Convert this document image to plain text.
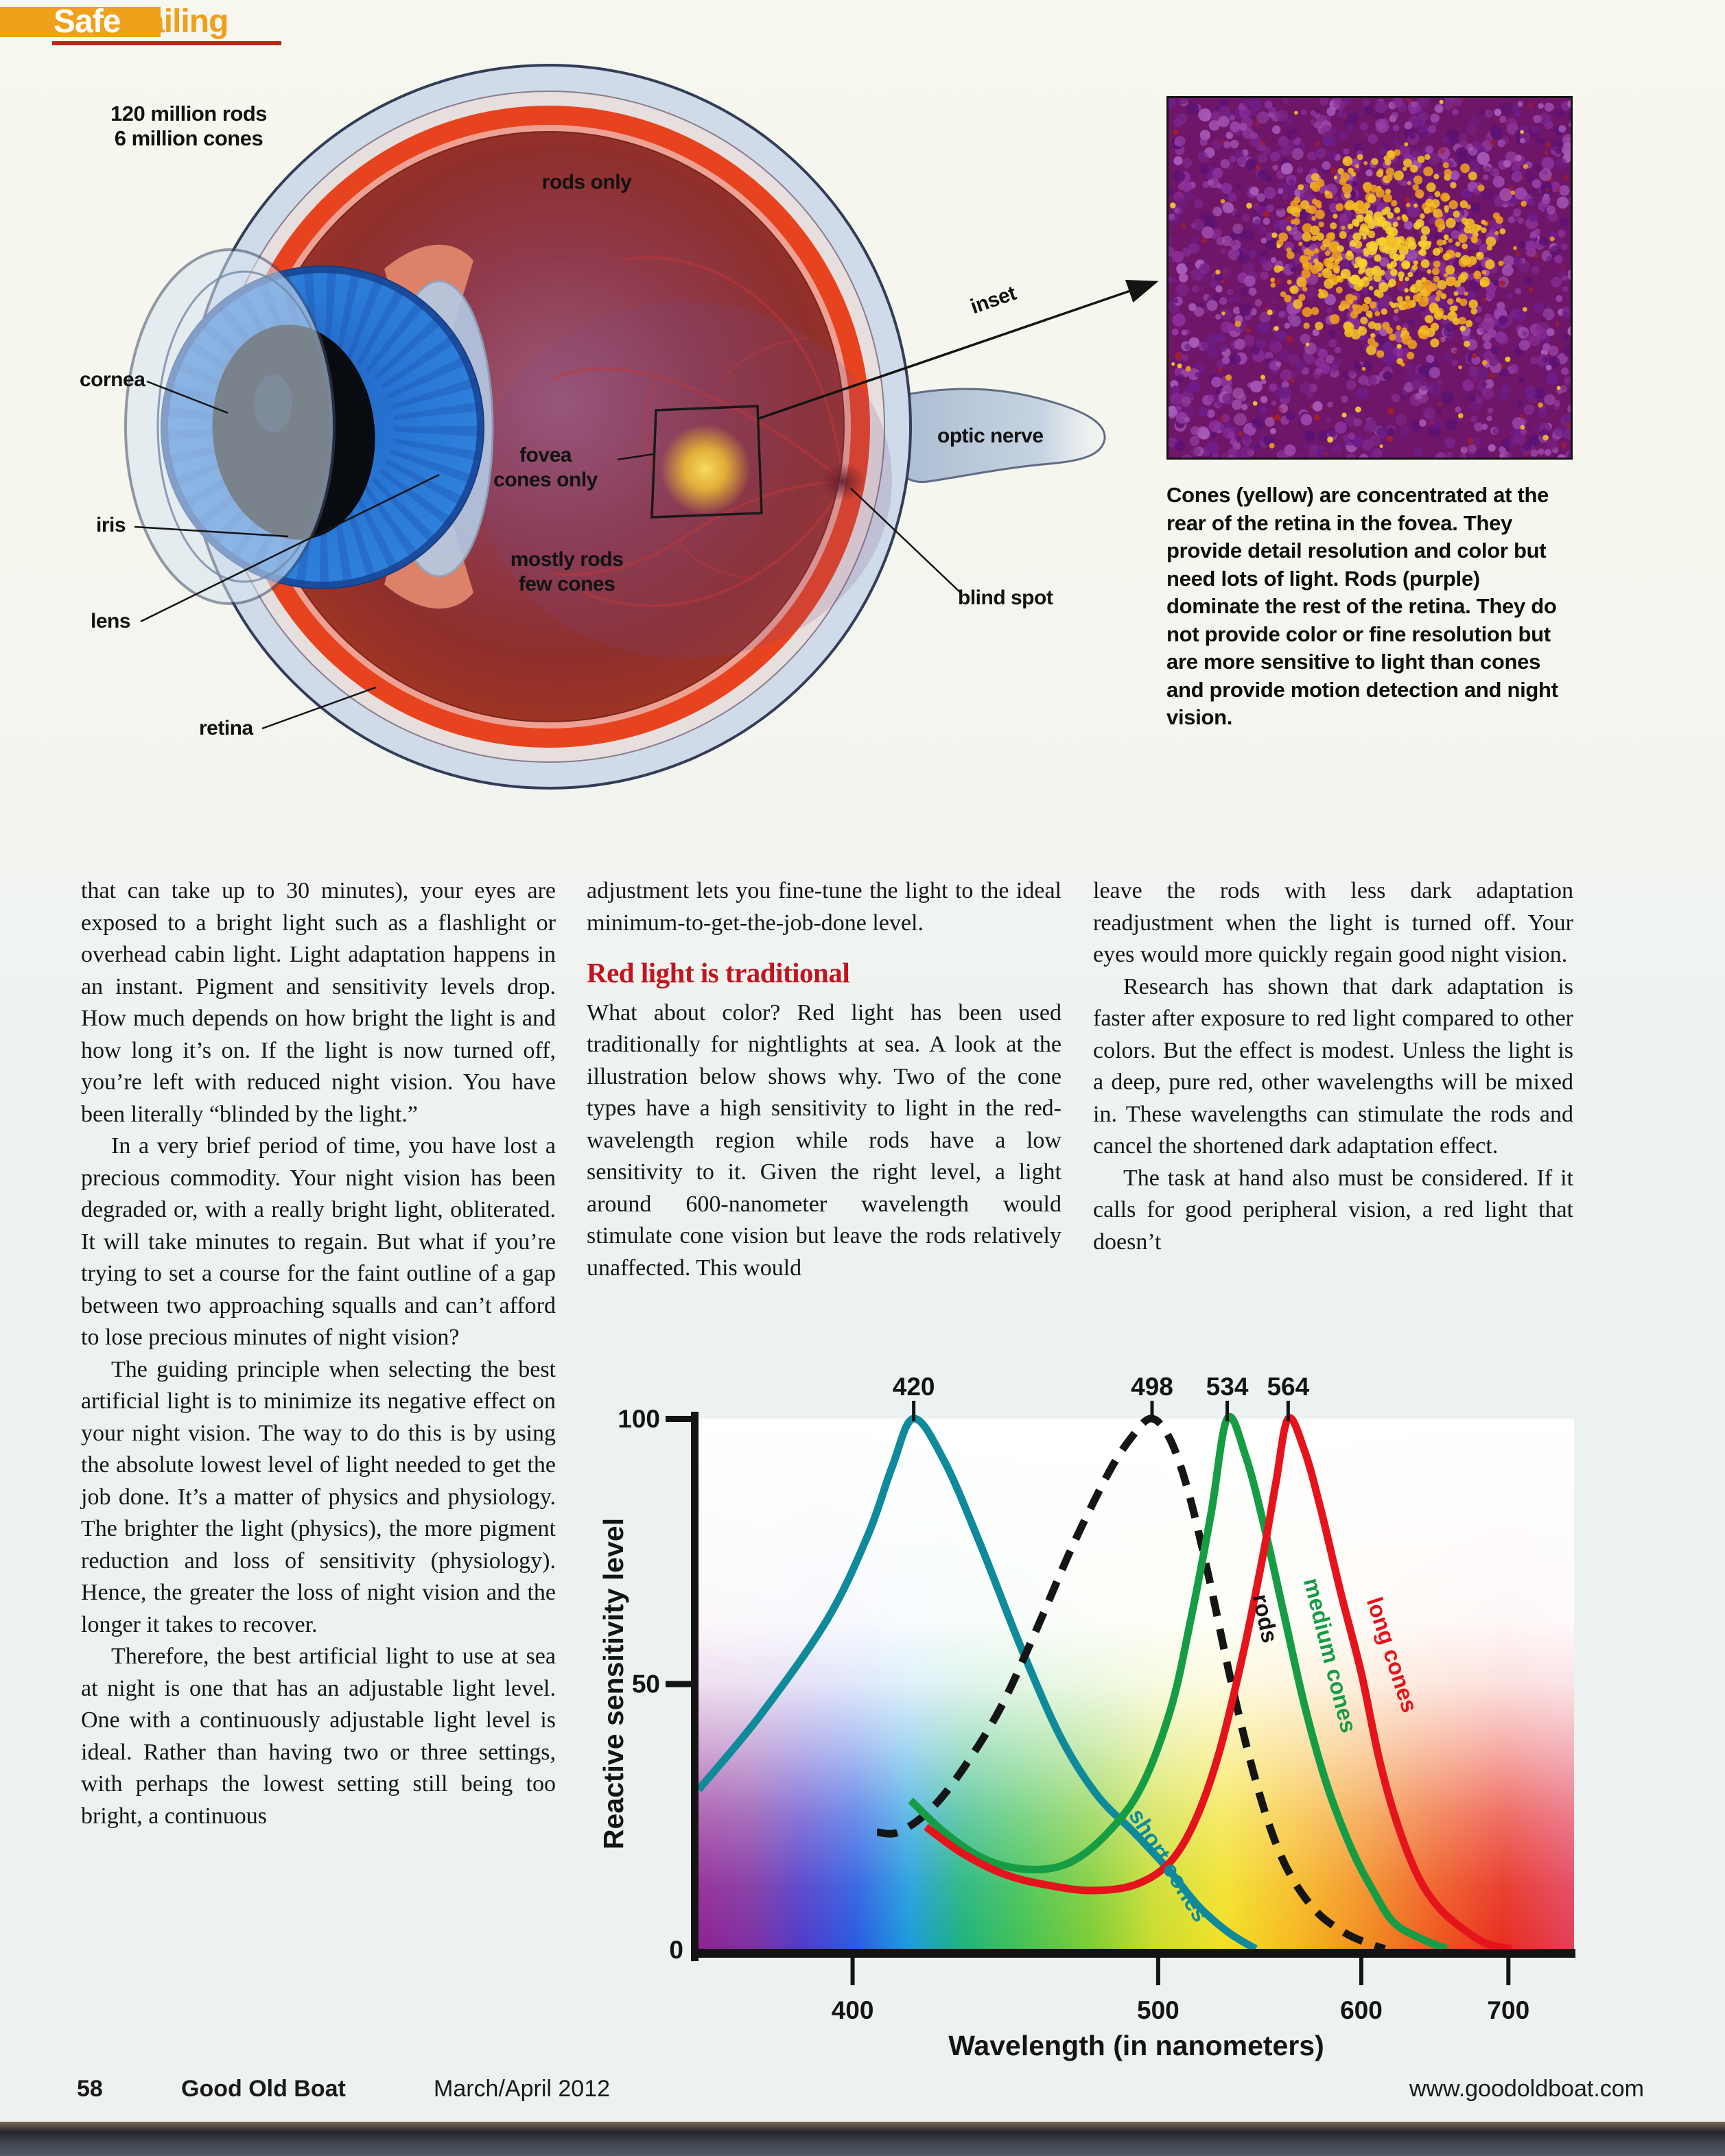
Safe sailing
120 million rods
6 million cones
rods only
cornea
iris
lens
retina
fovea
cones only
mostly rods
few cones
optic nerve
blind spot
inset
Cones (yellow) are concentrated at the rear of the retina in the fovea. They provide detail resolution and color but need lots of light. Rods (purple) dominate the rest of the retina. They do not provide color or fine resolution but are more sensitive to light than cones and provide motion detection and night vision.

that can take up to 30 minutes), your eyes are exposed to a bright light such as a flashlight or overhead cabin light. Light adaptation happens in an instant. Pigment and sensitivity levels drop. How much depends on how bright the light is and how long it’s on. If the light is now turned off, you’re left with reduced night vision. You have been literally “blinded by the light.”

In a very brief period of time, you have lost a precious commodity. Your night vision has been degraded or, with a really bright light, obliterated. It will take minutes to regain. But what if you’re trying to set a course for the faint outline of a gap between two approaching squalls and can’t afford to lose precious minutes of night vision?

The guiding principle when selecting the best artificial light is to minimize its negative effect on your night vision. The way to do this is by using the absolute lowest level of light needed to get the job done. It’s a matter of physics and physiology. The brighter the light (physics), the more pigment reduction and loss of sensitivity (physiology). Hence, the greater the loss of night vision and the longer it takes to recover.

Therefore, the best artificial light to use at sea at night is one that has an adjustable light level. One with a continuously adjustable light level is ideal. Rather than having two or three settings, with perhaps the lowest setting still being too bright, a continuous

adjustment lets you fine-tune the light to the ideal minimum-to-get-the-job-done level.

Red light is traditional

What about color? Red light has been used traditionally for nightlights at sea. A look at the illustration below shows why. Two of the cone types have a high sensitivity to light in the red-wavelength region while rods have a low sensitivity to it. Given the right level, a light around 600-nanometer wavelength would stimulate cone vision but leave the rods relatively unaffected. This would

leave the rods with less dark adaptation readjustment when the light is turned off. Your eyes would more quickly regain good night vision.

Research has shown that dark adaptation is faster after exposure to red light compared to other colors. But the effect is modest. Unless the light is a deep, pure red, other wavelengths will be mixed in. These wavelengths can stimulate the rods and cancel the shortened dark adaptation effect.

The task at hand also must be considered. If it calls for good peripheral vision, a red light that doesn’t

0
50
100
400	500	600	700
Wavelength (in nanometers)
Reactive sensitivity level
420	498 534 564
short cones
rods medium cones long cones
58	Good Old Boat	March/April 2012	www.goodoldboat.com
